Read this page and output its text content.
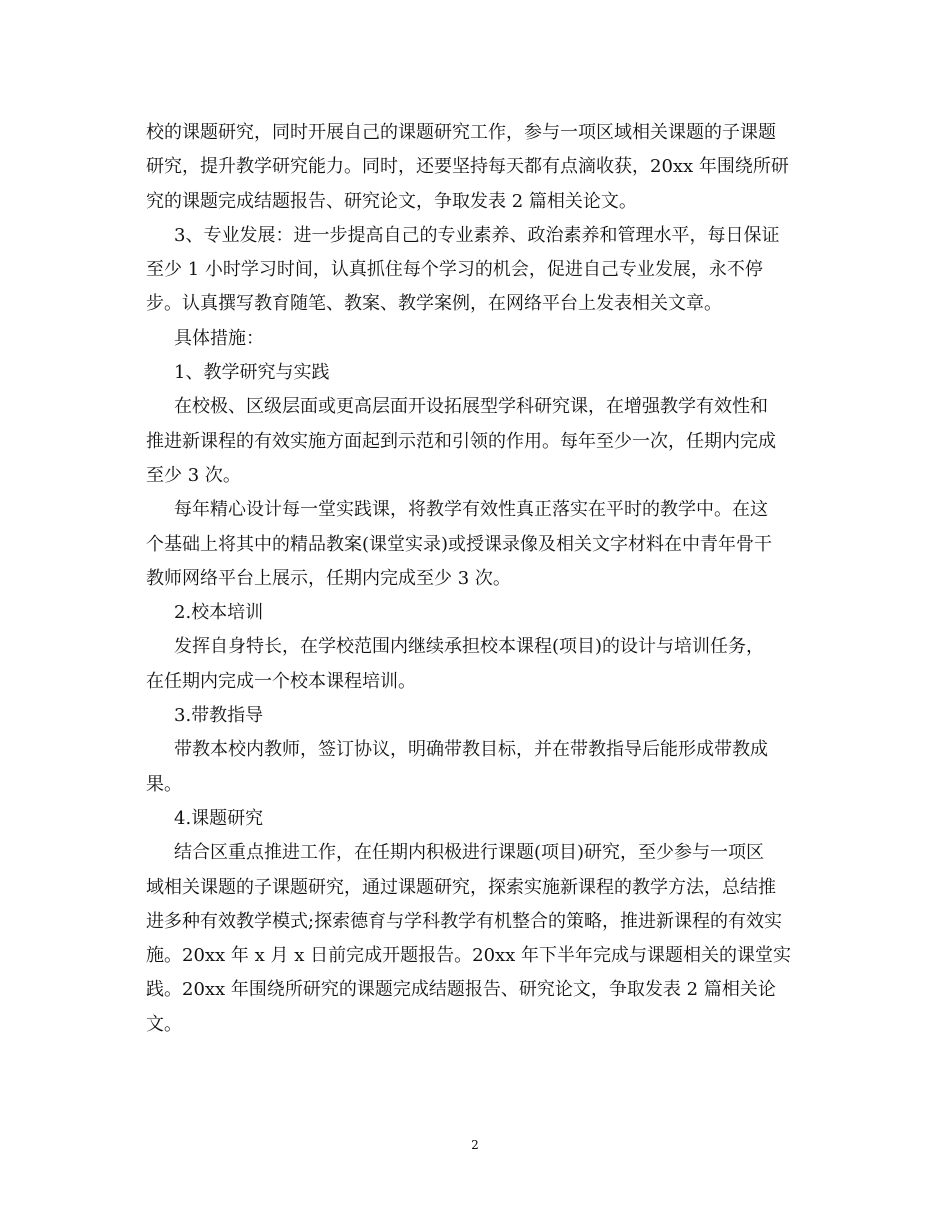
校的课题研究，同时开展自己的课题研究工作，参与一项区域相关课题的子课题
研究，提升教学研究能力。同时，还要坚持每天都有点滴收获，20xx 年围绕所研
究的课题完成结题报告、研究论文，争取发表 2 篇相关论文。
3、专业发展：进一步提高自己的专业素养、政治素养和管理水平，每日保证
至少 1 小时学习时间，认真抓住每个学习的机会，促进自己专业发展，永不停
步。认真撰写教育随笔、教案、教学案例，在网络平台上发表相关文章。
具体措施：
1、教学研究与实践
在校极、区级层面或更高层面开设拓展型学科研究课，在增强教学有效性和
推进新课程的有效实施方面起到示范和引领的作用。每年至少一次，任期内完成
至少 3 次。
每年精心设计每一堂实践课，将教学有效性真正落实在平时的教学中。在这
个基础上将其中的精品教案(课堂实录)或授课录像及相关文字材料在中青年骨干
教师网络平台上展示，任期内完成至少 3 次。
2.校本培训
发挥自身特长，在学校范围内继续承担校本课程(项目)的设计与培训任务，
在任期内完成一个校本课程培训。
3.带教指导
带教本校内教师，签订协议，明确带教目标，并在带教指导后能形成带教成
果。
4.课题研究
结合区重点推进工作，在任期内积极进行课题(项目)研究，至少参与一项区
域相关课题的子课题研究，通过课题研究，探索实施新课程的教学方法，总结推
进多种有效教学模式;探索德育与学科教学有机整合的策略，推进新课程的有效实
施。20xx 年 x 月 x 日前完成开题报告。20xx 年下半年完成与课题相关的课堂实
践。20xx 年围绕所研究的课题完成结题报告、研究论文，争取发表 2 篇相关论
文。
2
